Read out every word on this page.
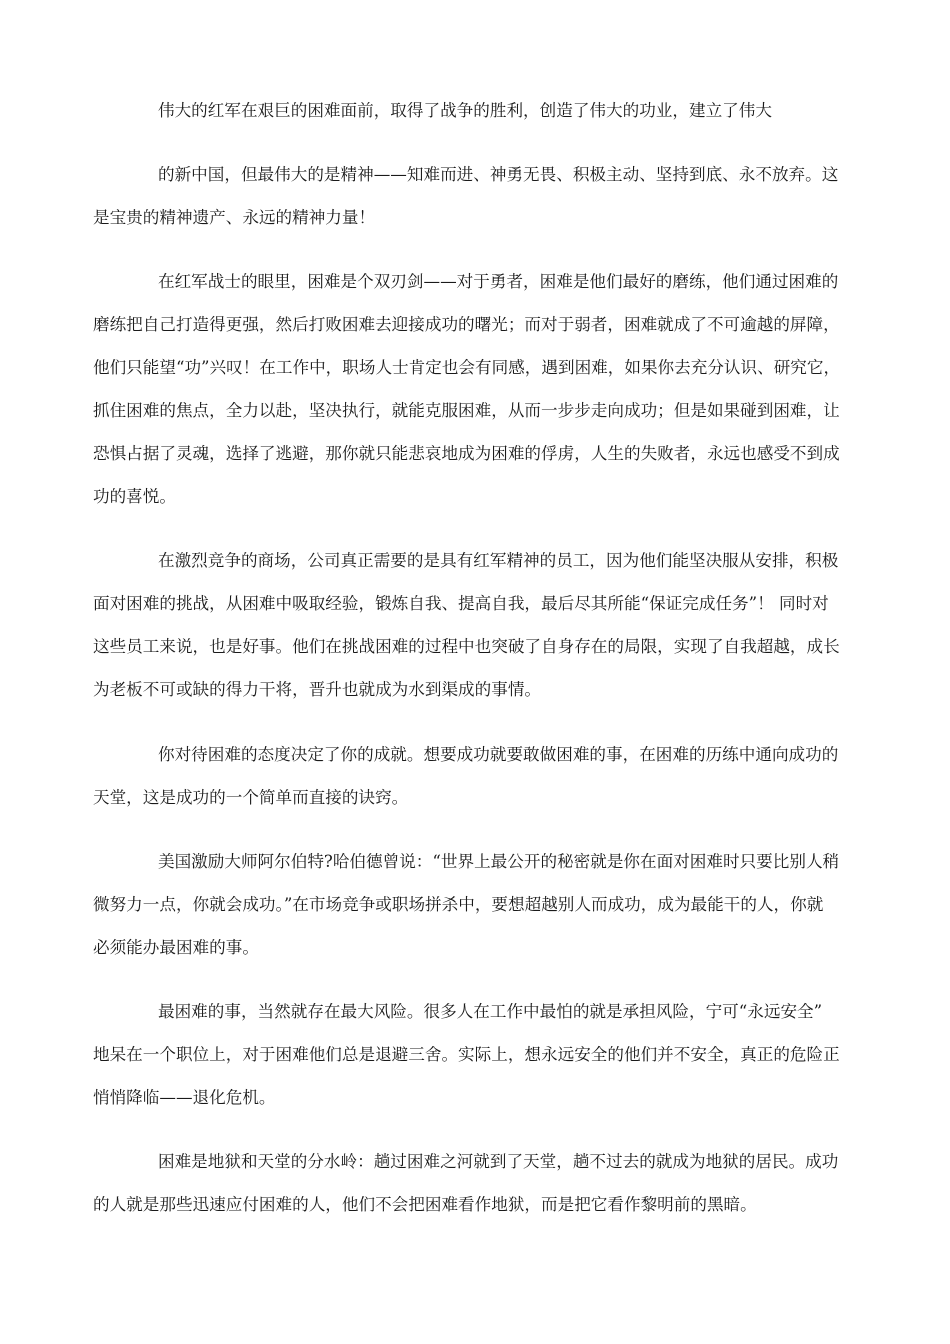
伟大的红军在艰巨的困难面前，取得了战争的胜利，创造了伟大的功业，建立了伟大

的新中国，但最伟大的是精神——知难而进、神勇无畏、积极主动、坚持到底、永不放弃。这

是宝贵的精神遗产、永远的精神力量！

在红军战士的眼里，困难是个双刃剑——对于勇者，困难是他们最好的磨练，他们通过困难的

磨练把自己打造得更强，然后打败困难去迎接成功的曙光；而对于弱者，困难就成了不可逾越的屏障，

他们只能望“功”兴叹！在工作中，职场人士肯定也会有同感，遇到困难，如果你去充分认识、研究它，

抓住困难的焦点，全力以赴，坚决执行，就能克服困难，从而一步步走向成功；但是如果碰到困难，让

恐惧占据了灵魂，选择了逃避，那你就只能悲哀地成为困难的俘虏，人生的失败者，永远也感受不到成

功的喜悦。

在激烈竞争的商场，公司真正需要的是具有红军精神的员工，因为他们能坚决服从安排，积极

面对困难的挑战，从困难中吸取经验，锻炼自我、提高自我，最后尽其所能“保证完成任务”！ 同时对

这些员工来说，也是好事。他们在挑战困难的过程中也突破了自身存在的局限，实现了自我超越，成长

为老板不可或缺的得力干将，晋升也就成为水到渠成的事情。

你对待困难的态度决定了你的成就。想要成功就要敢做困难的事，在困难的历练中通向成功的

天堂，这是成功的一个简单而直接的诀窍。

美国激励大师阿尔伯特?哈伯德曾说：“世界上最公开的秘密就是你在面对困难时只要比别人稍

微努力一点，你就会成功。”在市场竞争或职场拼杀中，要想超越别人而成功，成为最能干的人，你就

必须能办最困难的事。

最困难的事，当然就存在最大风险。很多人在工作中最怕的就是承担风险，宁可“永远安全”

地呆在一个职位上，对于困难他们总是退避三舍。实际上，想永远安全的他们并不安全，真正的危险正

悄悄降临——退化危机。

困难是地狱和天堂的分水岭：趟过困难之河就到了天堂，趟不过去的就成为地狱的居民。成功

的人就是那些迅速应付困难的人，他们不会把困难看作地狱，而是把它看作黎明前的黑暗。
